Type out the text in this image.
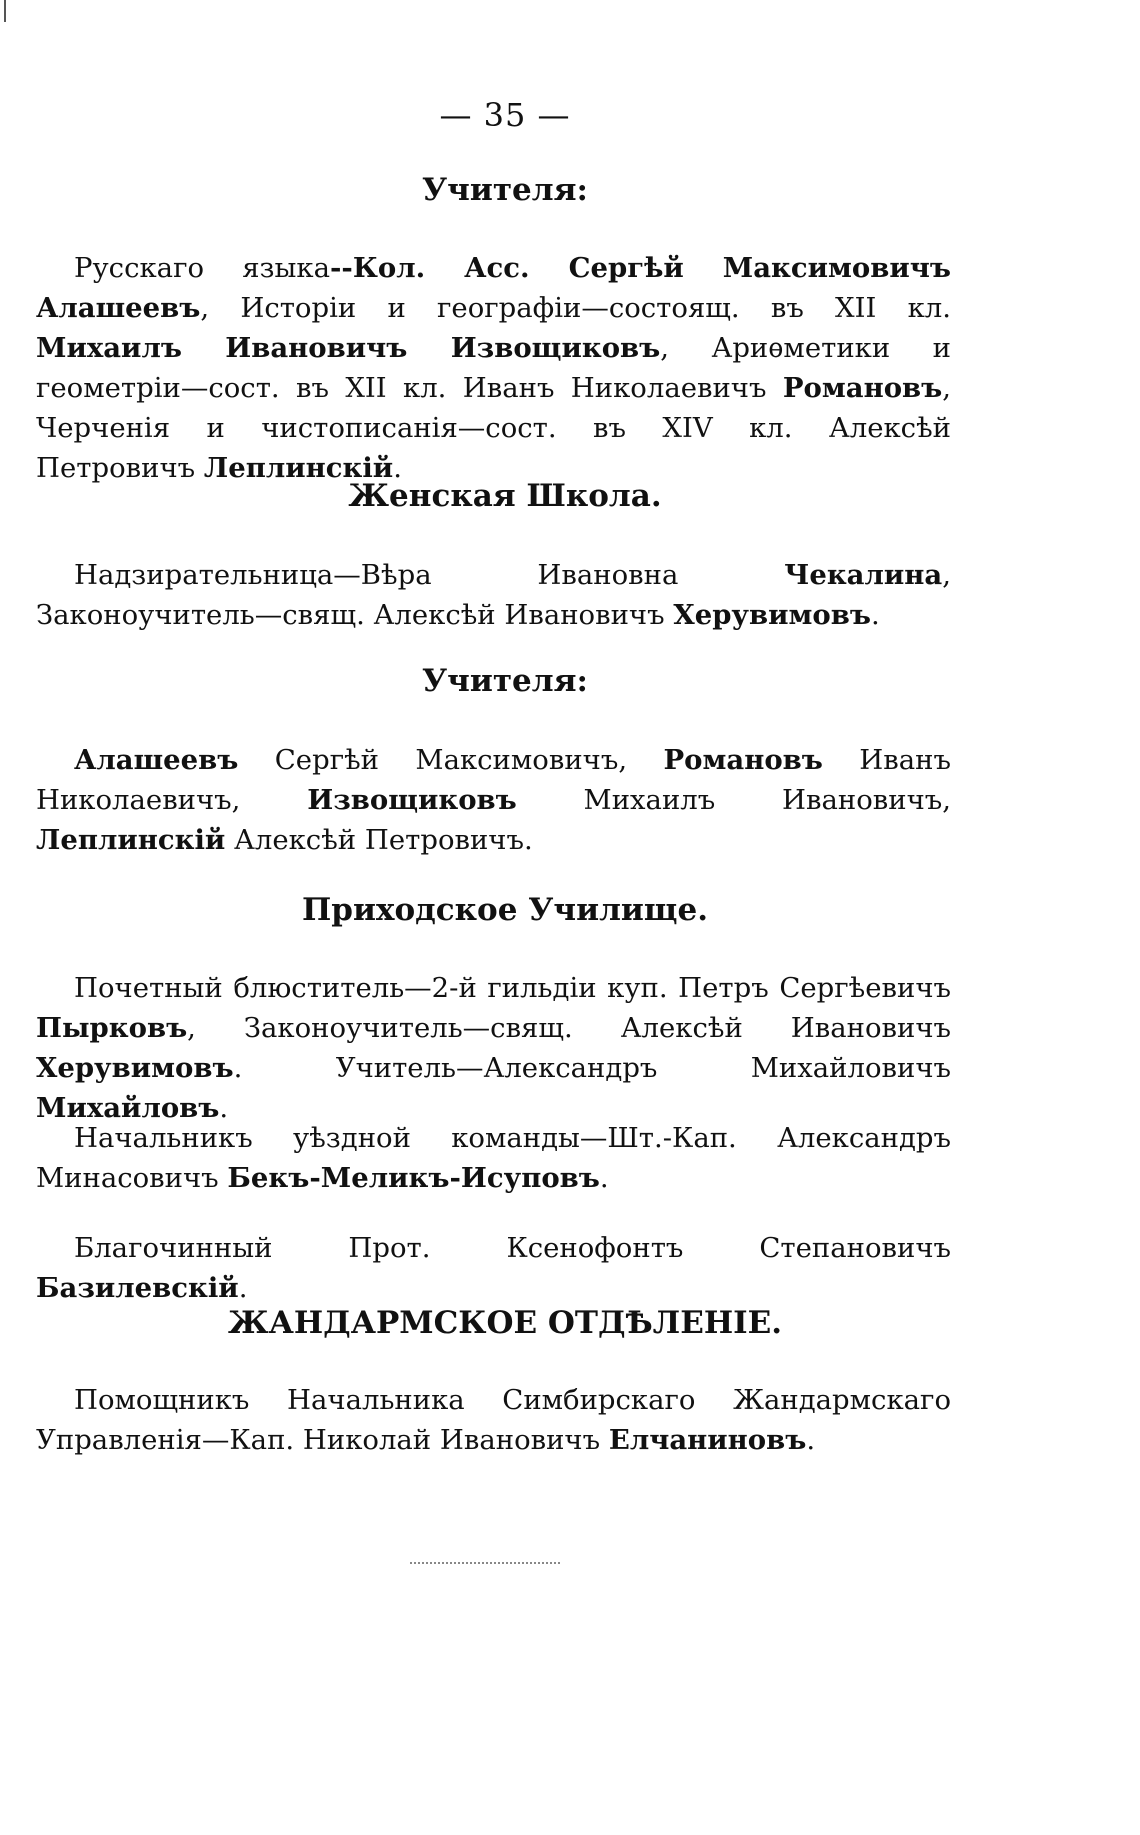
— 35 —
Учителя:
Русскаго языка--Кол. Асс. Сергѣй Максимовичъ Алашеевъ, Исторіи и географіи—состоящ. въ XII кл. Михаилъ Ивановичъ Извощиковъ, Ариѳметики и геометріи—сост. въ XII кл. Иванъ Николаевичъ Романовъ, Черченія и чистописанія—сост. въ XIV кл. Алексѣй Петровичъ Леплинскій.
Женская Школа.
Надзирательница—Вѣра Ивановна Чекалина, Законоучитель—свящ. Алексѣй Ивановичъ Херувимовъ.
Учителя:
Алашеевъ Сергѣй Максимовичъ, Романовъ Иванъ Николаевичъ, Извощиковъ Михаилъ Ивановичъ, Леплинскій Алексѣй Петровичъ.
Приходское Училище.
Почетный блюститель—2-й гильдіи куп. Петръ Сергѣевичъ Пырковъ, Законоучитель—свящ. Алексѣй Ивановичъ Херувимовъ. Учитель—Александръ Михайловичъ Михайловъ.
Начальникъ уѣздной команды—Шт.-Кап. Александръ Минасовичъ Бекъ-Меликъ-Исуповъ.
Благочинный Прот. Ксенофонтъ Степановичъ Базилевскій.
ЖАНДАРМСКОЕ ОТДѢЛЕНІЕ.
Помощникъ Начальника Симбирскаго Жандармскаго Управленія—Кап. Николай Ивановичъ Елчаниновъ.
